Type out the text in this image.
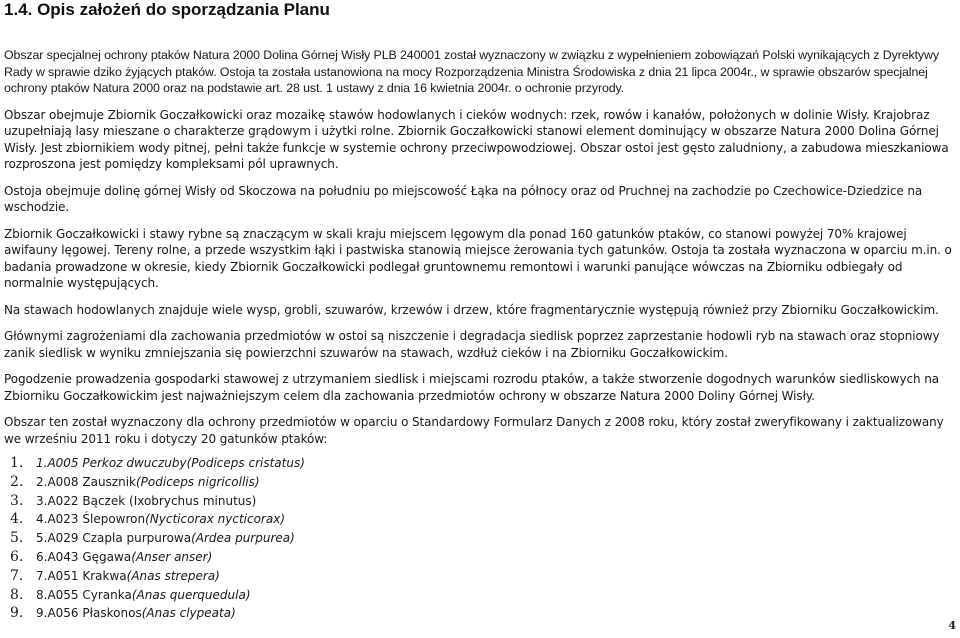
1.4. Opis założeń do sporządzania Planu

Obszar specjalnej ochrony ptaków Natura 2000 Dolina Górnej Wisły PLB 240001 został wyznaczony w związku z wypełnieniem zobowiązań Polski wynikających z Dyrektywy Rady w sprawie dziko żyjących ptaków. Ostoja ta została ustanowiona na mocy Rozporządzenia Ministra Środowiska z dnia 21 lipca 2004r., w sprawie obszarów specjalnej ochrony ptaków Natura 2000 oraz na podstawie art. 28 ust. 1 ustawy z dnia 16 kwietnia 2004r. o ochronie przyrody.

Obszar obejmuje Zbiornik Goczałkowicki oraz mozaikę stawów hodowlanych i cieków wodnych: rzek, rowów i kanałów, położonych w dolinie Wisły. Krajobraz uzupełniają lasy mieszane o charakterze grądowym i użytki rolne. Zbiornik Goczałkowicki stanowi element dominujący w obszarze Natura 2000 Dolina Górnej Wisły. Jest zbiornikiem wody pitnej, pełni także funkcje w systemie ochrony przeciwpowodziowej. Obszar ostoi jest gęsto zaludniony, a zabudowa mieszkaniowa rozproszona jest pomiędzy kompleksami pól uprawnych.

Ostoja obejmuje dolinę górnej Wisły od Skoczowa na południu po miejscowość Łąka na północy oraz od Pruchnej na zachodzie po Czechowice-Dziedzice na wschodzie.

Zbiornik Goczałkowicki i stawy rybne są znaczącym w skali kraju miejscem lęgowym dla ponad 160 gatunków ptaków, co stanowi powyżej 70% krajowej awifauny lęgowej. Tereny rolne, a przede wszystkim łąki i pastwiska stanowią miejsce żerowania tych gatunków. Ostoja ta została wyznaczona w oparciu m.in. o badania prowadzone w okresie, kiedy Zbiornik Goczałkowicki podlegał gruntownemu remontowi i warunki panujące wówczas na Zbiorniku odbiegały od normalnie występujących.

Na stawach hodowlanych znajduje wiele wysp, grobli, szuwarów, krzewów i drzew, które fragmentarycznie występują również przy Zbiorniku Goczałkowickim.

Głównymi zagrożeniami dla zachowania przedmiotów w ostoi są niszczenie i degradacja siedlisk poprzez zaprzestanie hodowli ryb na stawach oraz stopniowy zanik siedlisk w wyniku zmniejszania się powierzchni szuwarów na stawach, wzdłuż cieków i na Zbiorniku Goczałkowickim.

Pogodzenie prowadzenia gospodarki stawowej z utrzymaniem siedlisk i miejscami rozrodu ptaków, a także stworzenie dogodnych warunków siedliskowych na Zbiorniku Goczałkowickim jest najważniejszym celem dla zachowania przedmiotów ochrony w obszarze Natura 2000 Doliny Górnej Wisły.

Obszar ten został wyznaczony dla ochrony przedmiotów w oparciu o Standardowy Formularz Danych z 2008 roku, który został zweryfikowany i zaktualizowany we wrześniu 2011 roku i dotyczy 20 gatunków ptaków:

1.	1.A005 Perkoz dwuczuby (Podiceps cristatus)
2.	2.A008 Zausznik (Podiceps nigricollis)
3.	3.A022 Bączek (Ixobrychus minutus)
4.	4.A023 Ślepowron (Nycticorax nycticorax)
5.	5.A029 Czapla purpurowa (Ardea purpurea)
6.	6.A043 Gęgawa (Anser anser)
7.	7.A051 Krakwa (Anas strepera)
8.	8.A055 Cyranka (Anas querquedula)
9.	9.A056 Płaskonos (Anas clypeata)
4
